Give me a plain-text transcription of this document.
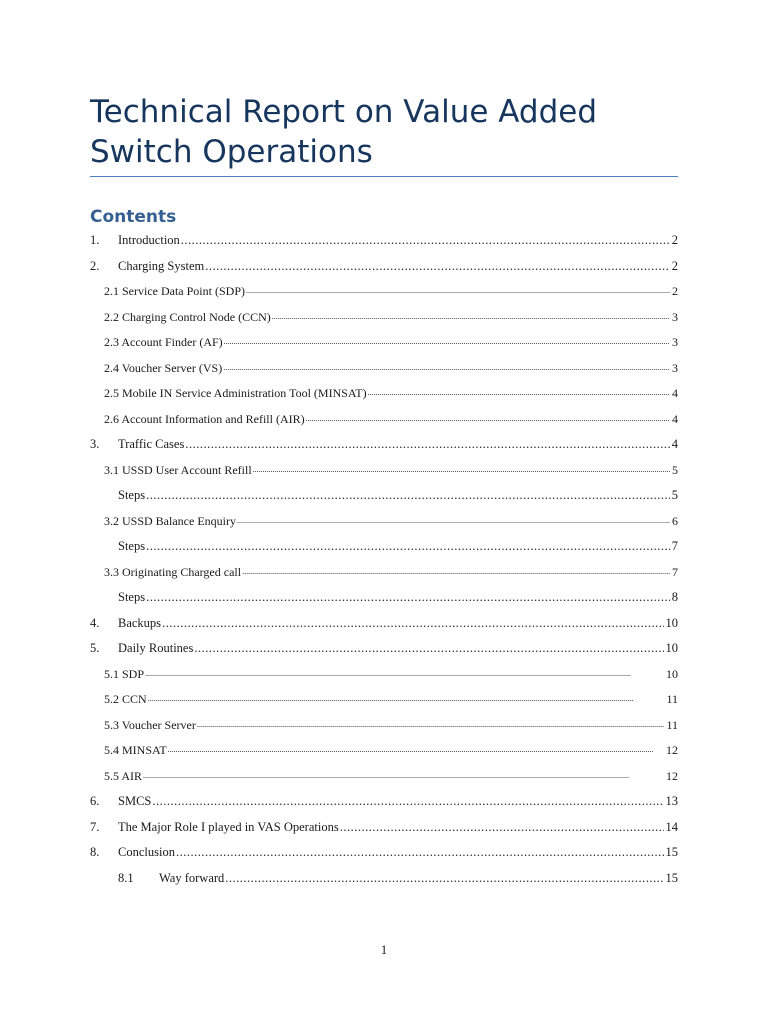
Technical Report on Value Added Switch Operations
Contents
1.	Introduction .....	2
2.	Charging System .....	2
2.1 Service Data Point (SDP) .....	2
2.2 Charging Control Node (CCN) .....	3
2.3 Account Finder (AF) .....	3
2.4 Voucher Server (VS) .....	3
2.5 Mobile IN Service Administration Tool (MINSAT) .....	4
2.6 Account Information and Refill (AIR) .....	4
3.	Traffic Cases .....	4
3.1 USSD User Account Refill .....	5
Steps .....	5
3.2 USSD Balance Enquiry .....	6
Steps .....	7
3.3 Originating Charged call .....	7
Steps .....	8
4.	Backups .....	10
5.	Daily Routines .....	10
5.1 SDP .....	10
5.2 CCN .....	11
5.3 Voucher Server .....	11
5.4 MINSAT .....	12
5.5 AIR .....	12
6.	SMCS .....	13
7.	The Major Role I played in VAS Operations .....	14
8.	Conclusion .....	15
8.1	Way forward .....	15
1
